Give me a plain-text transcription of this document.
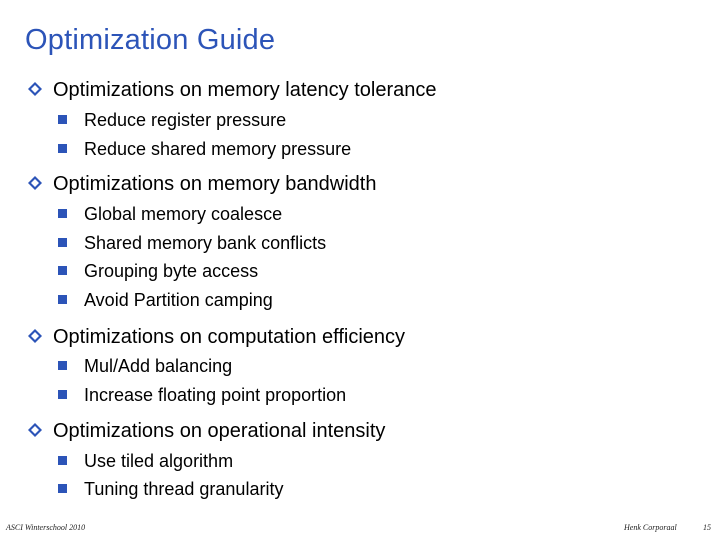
Optimization Guide
Optimizations on memory latency tolerance
Reduce register pressure
Reduce shared memory pressure
Optimizations on memory bandwidth
Global memory coalesce
Shared memory bank conflicts
Grouping byte access
Avoid Partition camping
Optimizations on computation efficiency
Mul/Add balancing
Increase floating point proportion
Optimizations on operational intensity
Use tiled algorithm
Tuning thread granularity
ASCI Winterschool 2010	Henk Corporaal	15
